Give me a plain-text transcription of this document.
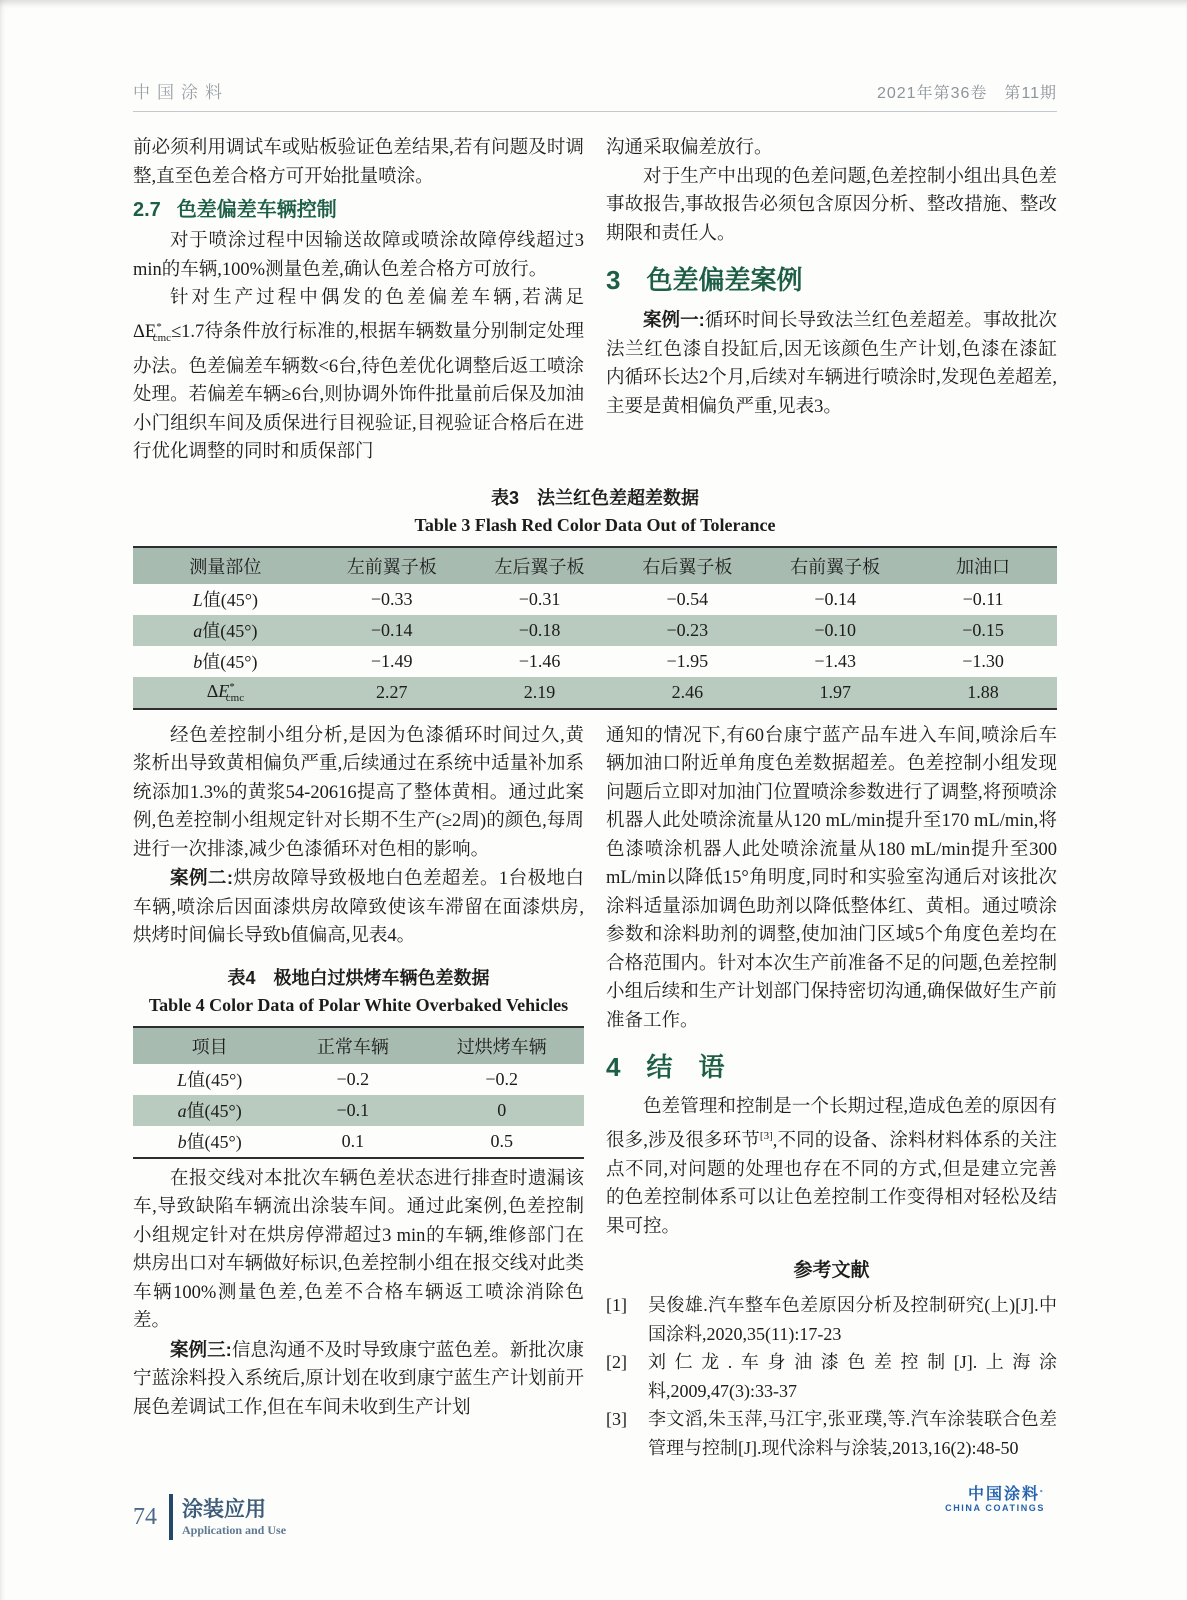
中国涂料	2021年第36卷　第11期

前必须利用调试车或贴板验证色差结果,若有问题及时调整,直至色差合格方可开始批量喷涂。

2.7 色差偏差车辆控制

对于喷涂过程中因输送故障或喷涂故障停线超过3 min的车辆,100%测量色差,确认色差合格方可放行。

针对生产过程中偶发的色差偏差车辆,若满足$\Delta E^*_{cmc}\le 1.7$待条件放行标准的,根据车辆数量分别制定处理办法。色差偏差车辆数<6台,待色差优化调整后返工喷涂处理。若偏差车辆≥6台,则协调外饰件批量前后保及加油小门组织车间及质保进行目视验证,目视验证合格后在进行优化调整的同时和质保部门

沟通采取偏差放行。

对于生产中出现的色差问题,色差控制小组出具色差事故报告,事故报告必须包含原因分析、整改措施、整改期限和责任人。

3 色差偏差案例

案例一:循环时间长导致法兰红色差超差。事故批次法兰红色漆自投缸后,因无该颜色生产计划,色漆在漆缸内循环长达2个月,后续对车辆进行喷涂时,发现色差超差,主要是黄相偏负严重,见表3。

表3　法兰红色差超差数据
Table 3 Flash Red Color Data Out of Tolerance
测量部位	左前翼子板	左后翼子板	右后翼子板	右前翼子板	加油口
L值(45°)	−0.33	−0.31	−0.54	−0.14	−0.11
a值(45°)	−0.14	−0.18	−0.23	−0.10	−0.15
b值(45°)	−1.49	−1.46	−1.95	−1.43	−1.30
$\Delta E^*_{cmc}$	2.27	2.19	2.46	1.97	1.88

经色差控制小组分析,是因为色漆循环时间过久,黄浆析出导致黄相偏负严重,后续通过在系统中适量补加系统添加1.3%的黄浆54-20616提高了整体黄相。通过此案例,色差控制小组规定针对长期不生产(≥2周)的颜色,每周进行一次排漆,减少色漆循环对色相的影响。

案例二:烘房故障导致极地白色差超差。1台极地白车辆,喷涂后因面漆烘房故障致使该车滞留在面漆烘房,烘烤时间偏长导致b值偏高,见表4。

表4　极地白过烘烤车辆色差数据
Table 4 Color Data of Polar White Overbaked Vehicles
项目	正常车辆	过烘烤车辆
L值(45°)	−0.2	−0.2
a值(45°)	−0.1	0
b值(45°)	0.1	0.5

在报交线对本批次车辆色差状态进行排查时遗漏该车,导致缺陷车辆流出涂装车间。通过此案例,色差控制小组规定针对在烘房停滞超过3 min的车辆,维修部门在烘房出口对车辆做好标识,色差控制小组在报交线对此类车辆100%测量色差,色差不合格车辆返工喷涂消除色差。

案例三:信息沟通不及时导致康宁蓝色差。新批次康宁蓝涂料投入系统后,原计划在收到康宁蓝生产计划前开展色差调试工作,但在车间未收到生产计划

通知的情况下,有60台康宁蓝产品车进入车间,喷涂后车辆加油口附近单角度色差数据超差。色差控制小组发现问题后立即对加油门位置喷涂参数进行了调整,将预喷涂机器人此处喷涂流量从120 mL/min提升至170 mL/min,将色漆喷涂机器人此处喷涂流量从180 mL/min提升至300 mL/min以降低15°角明度,同时和实验室沟通后对该批次涂料适量添加调色助剂以降低整体红、黄相。通过喷涂参数和涂料助剂的调整,使加油门区域5个角度色差均在合格范围内。针对本次生产前准备不足的问题,色差控制小组后续和生产计划部门保持密切沟通,确保做好生产前准备工作。

4 结　语

色差管理和控制是一个长期过程,造成色差的原因有很多,涉及很多环节[3],不同的设备、涂料材料体系的关注点不同,对问题的处理也存在不同的方式,但是建立完善的色差控制体系可以让色差控制工作变得相对轻松及结果可控。

参考文献
[1]	吴俊雄.汽车整车色差原因分析及控制研究(上)[J].中国涂料,2020,35(11):17-23
[2]	刘仁龙.车身油漆色差控制[J].上海涂料,2009,47(3):33-37
[3]	李文滔,朱玉萍,马江宇,张亚璞,等.汽车涂装联合色差管理与控制[J].现代涂料与涂装,2013,16(2):48-50
中国涂料˚
CHINA COATINGS
74 涂装应用
Application and Use
